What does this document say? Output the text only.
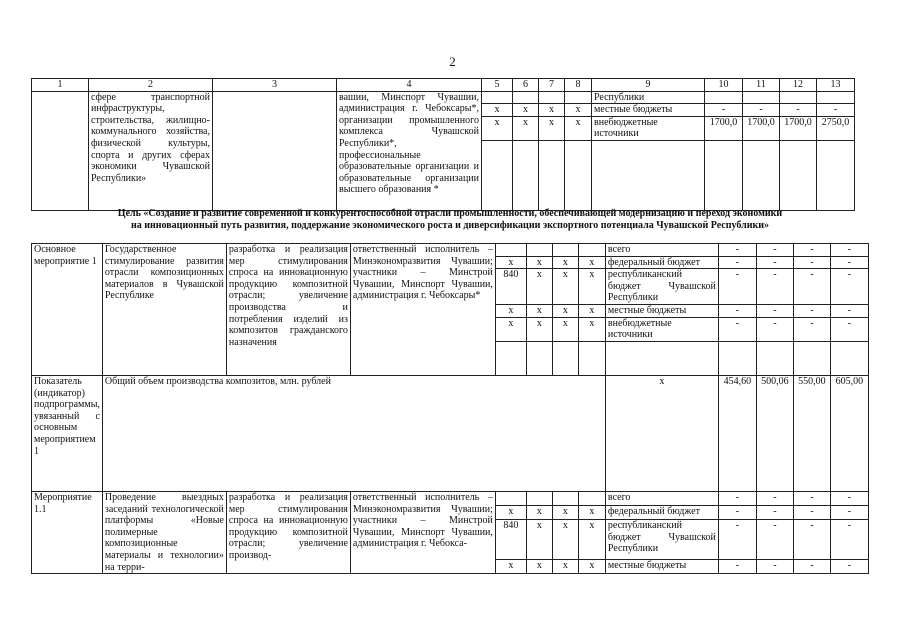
2
1	2	3	4	5	6	7	8	9	10	11	12	13
	сфере транспортной инфраструктуры, строительства, жилищно-коммунального хозяйства, физической культуры, спорта и других сферах экономики Чувашской Республики»		вашии, Минспорт Чувашии, администрация г. Чебоксары*, организации промышленного комплекса Чувашской Республики*, профессиональные образовательные организации и образовательные организации высшего образования *					Республики				
				x	x	x	x	местные бюджеты	-	-	-	-
				x	x	x	x	внебюджетные источники	1700,0	1700,0	1700,0	2750,0

Цель «Создание и развитие современной и конкурентоспособной отрасли промышленности, обеспечивающей модернизацию и переход экономики
на инновационный путь развития, поддержание экономического роста и диверсификации экспортного потенциала Чувашской Республики»
Основное мероприятие 1	Государственное стимулирование развития отрасли композиционных материалов в Чувашской Республике	разработка и реализация мер стимулирования спроса на инновационную продукцию композитной отрасли; увеличение производства и потребления изделий из композитов гражданского назначения	ответственный исполнитель – Минэкономразвития Чувашии; участники – Минстрой Чувашии, Минспорт Чувашии, администрация г. Чебоксары*					всего	-	-	-	-
				x	x	x	x	федеральный бюджет	-	-	-	-
				840	x	x	x	республиканский бюджет Чувашской Республики	-	-	-	-
				x	x	x	x	местные бюджеты	-	-	-	-
				x	x	x	x	внебюджетные источники	-	-	-	-

Показатель (индикатор) подпрограммы, увязанный с основным мероприятием 1	Общий объем производства композитов, млн. рублей							x	454,60	500,06	550,00	605,00
Мероприятие 1.1	Проведение выездных заседаний технологической платформы «Новые полимерные композиционные материалы и технологии» на терри-	разработка и реализация мер стимулирования спроса на инновационную продукцию композитной отрасли; увеличение производ-	ответственный исполнитель – Минэкономразвития Чувашии; участники – Минстрой Чувашии, Минспорт Чувашии, администрация г. Чебокса-					всего	-	-	-	-
				x	x	x	x	федеральный бюджет	-	-	-	-
				840	x	x	x	республиканский бюджет Чувашской Республики	-	-	-	-
				x	x	x	x	местные бюджеты	-	-	-	-
